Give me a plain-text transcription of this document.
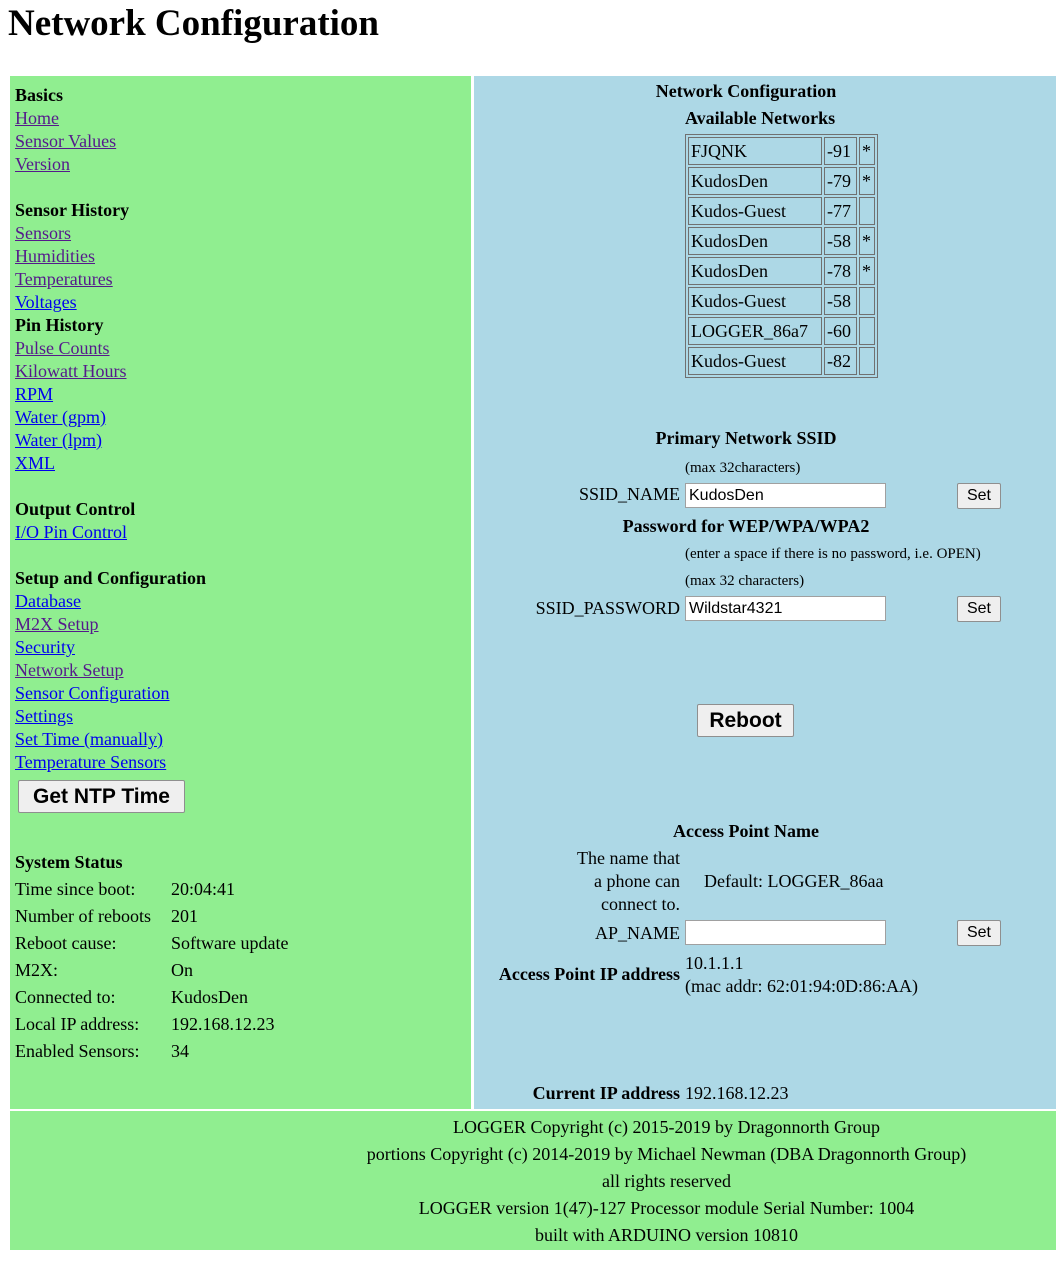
Network Configuration
Basics
Home
Sensor Values
Version
Sensor History
Sensors
Humidities
Temperatures
Voltages
Pin History
Pulse Counts
Kilowatt Hours
RPM
Water (gpm)
Water (lpm)
XML
Output Control
I/O Pin Control
Setup and Configuration
Database
M2X Setup
Security
Network Setup
Sensor Configuration
Settings
Set Time (manually)
Temperature Sensors
Get NTP Time
System Status
Time since boot: 20:04:41
Number of reboots 201
Reboot cause:	Software update
M2X:	On
Connected to:	KudosDen
Local IP address: 192.168.12.23
Enabled Sensors: 34
Network Configuration
Available Networks
FJQNK	-91	*
KudosDen	-79	*
Kudos-Guest	-77	
KudosDen	-58	*
KudosDen	-78	*
Kudos-Guest	-58	
LOGGER_86a7	-60	
Kudos-Guest	-82	
Primary Network SSID
(max 32characters)
SSID_NAME
KudosDen	Set
Password for WEP/WPA/WPA2
(enter a space if there is no password, i.e. OPEN)
(max 32 characters)
SSID_PASSWORD
Wildstar4321	Set
Reboot
Access Point Name
The name that
a phone can
connect to.
Default: LOGGER_86aa
AP_NAME	Set
Access Point IP address
10.1.1.1
(mac addr: 62:01:94:0D:86:AA)
Current IP address 192.168.12.23
LOGGER Copyright (c) 2015-2019 by Dragonnorth Group
portions Copyright (c) 2014-2019 by Michael Newman (DBA Dragonnorth Group)
all rights reserved
LOGGER version 1(47)-127 Processor module Serial Number: 1004
built with ARDUINO version 10810
